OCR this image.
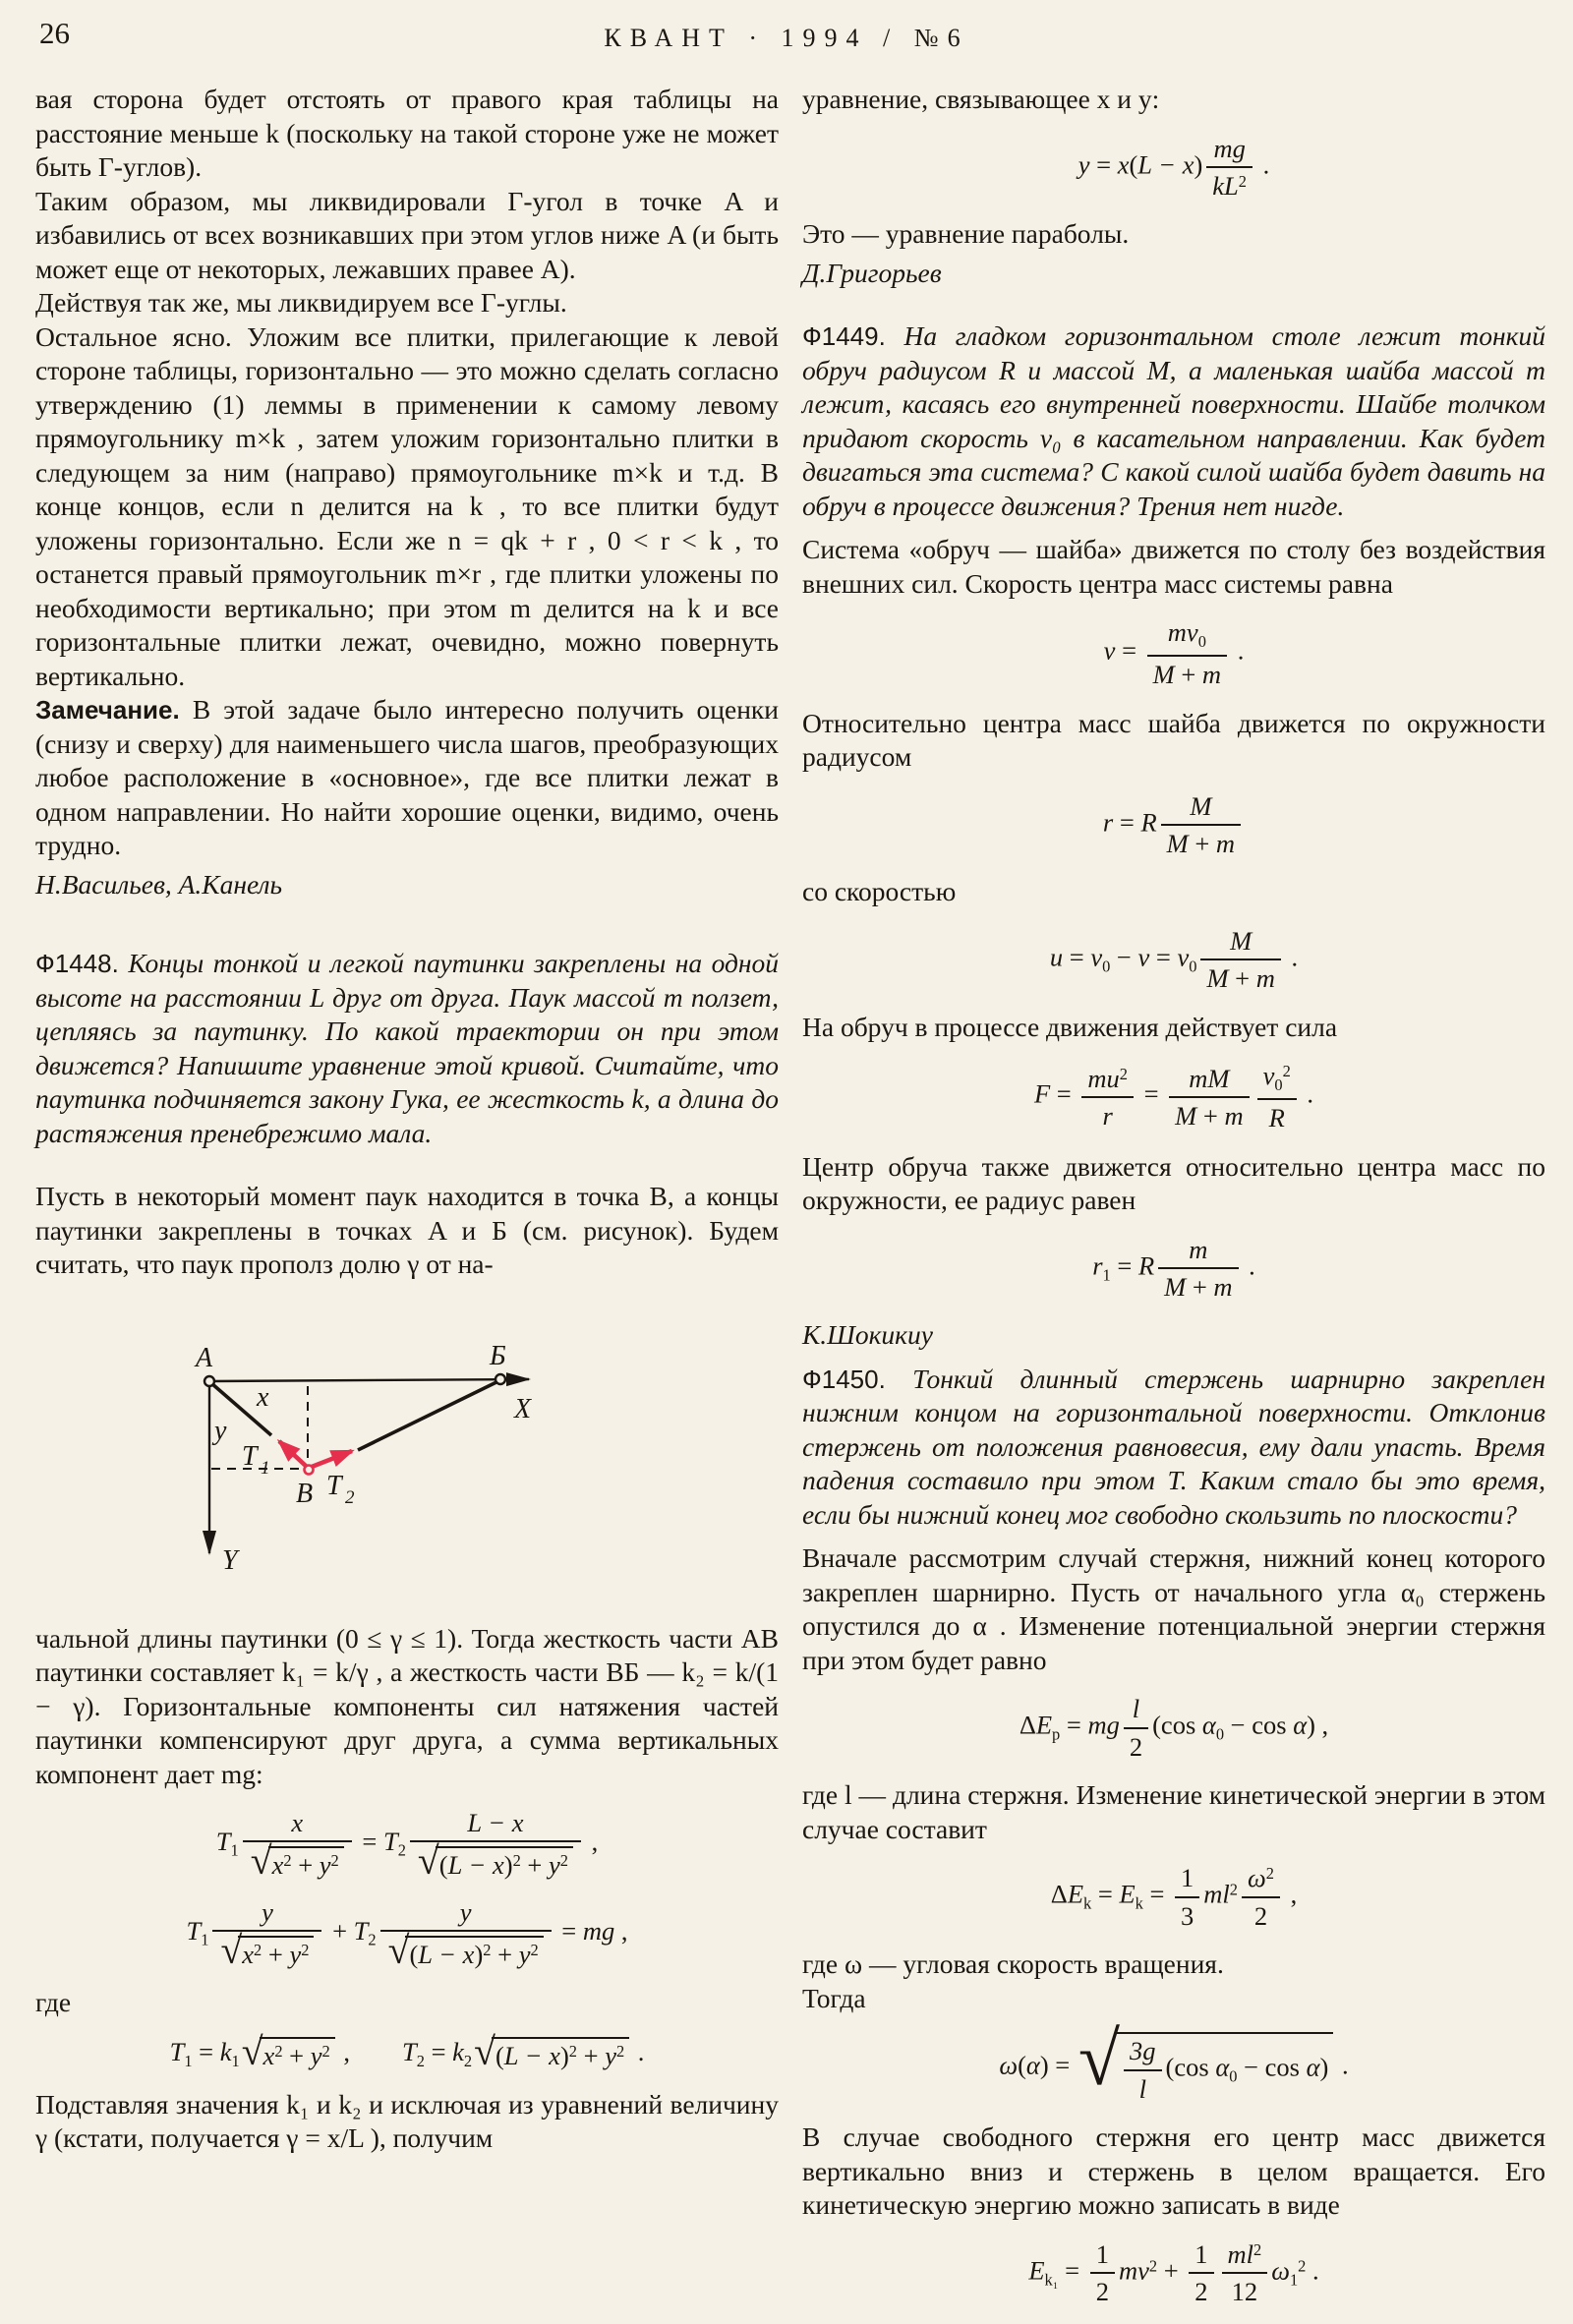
26	КВАНТ · 1994 / №6

вая сторона будет отстоять от правого края таблицы на расстояние меньше k (поскольку на такой стороне уже не может быть Г-углов).

Таким образом, мы ликвидировали Г-угол в точке A и избавились от всех возникавших при этом углов ниже A (и быть может еще от некоторых, лежавших правее A).

Действуя так же, мы ликвидируем все Г-углы.

Остальное ясно. Уложим все плитки, прилегающие к левой стороне таблицы, горизонтально — это можно сделать согласно утверждению (1) леммы в применении к самому левому прямоугольнику m×k , затем уложим горизонтально плитки в следующем за ним (направо) прямоугольнике m×k и т.д. В конце концов, если n делится на k , то все плитки будут уложены горизонтально. Если же n = qk + r , 0 < r < k , то останется правый прямоугольник m×r , где плитки уложены по необходимости вертикально; при этом m делится на k и все горизонтальные плитки лежат, очевидно, можно повернуть вертикально.

Замечание. В этой задаче было интересно получить оценки (снизу и сверху) для наименьшего числа шагов, преобразующих любое расположение в «основное», где все плитки лежат в одном направлении. Но найти хорошие оценки, видимо, очень трудно.

Н.Васильев, А.Канель

Ф1448. Концы тонкой и легкой паутинки закреплены на одной высоте на расстоянии L друг от друга. Паук массой m ползет, цепляясь за паутинку. По какой траектории он при этом движется? Напишите уравнение этой кривой. Считайте, что паутинка подчиняется закону Гука, ее жесткость k, а длина до растяжения пренебрежимо мала.

Пусть в некоторый момент паук находится в точка B, а концы паутинки закреплены в точках A и Б (см. рисунок). Будем считать, что паук прополз долю γ от на-

A	Б
X
x
y
T 1
B T 2
Y

чальной длины паутинки (0 ≤ γ ≤ 1). Тогда жесткость части AB паутинки составляет k₁ = k/γ , а жесткость части ВБ — k₂ = k/(1 − γ). Горизонтальные компоненты сил натяжения частей паутинки компенсируют друг друга, а сумма вертикальных компонент дает mg:

$T_1 \frac{x}{√ x^2 + y^2} = T_2 \frac{L - x}{√ (L - x)^2 + y^2}$ ,
$T_1 \frac{y}{√ x^2 + y^2} + T_2 \frac{y}{√ (L - x)^2 + y^2}$ = mg ,

где

$T_1 = k_1$ √ $x^2 + y^2$ ,  $T_2 = k_2$ √ $(L - x)^2 + y^2$ .

Подставляя значения k₁ и k₂ и исключая из уравнений величину γ (кстати, получается γ = x/L ), получим

уравнение, связывающее x и y:

$y = x(L - x) \frac{mg}{kL^2}$ .

Это — уравнение параболы.

Д.Григорьев

Ф1449. На гладком горизонтальном столе лежит тонкий обруч радиусом R и массой M, а маленькая шайба массой m лежит, касаясь его внутренней поверхности. Шайбе толчком придают скорость v₀ в касательном направлении. Как будет двигаться эта система? С какой силой шайба будет давить на обруч в процессе движения? Трения нет нигде.

Система «обруч — шайба» движется по столу без воздействия внешних сил. Скорость центра масс системы равна

$v = \frac{mv_0}{M + m}$ .

Относительно центра масс шайба движется по окружности радиусом

r = R $\frac{M}{M + m}$

со скоростью

$u = v_0 - v = v_0 \frac{M}{M + m}$ .

На обруч в процессе движения действует сила

$F = \frac{mu^2}{r} = \frac{mM}{M + m} \frac{v_0^2}{R}$ .

Центр обруча также движется относительно центра масс по окружности, ее радиус равен

$r_1 = R \frac{m}{M + m}$ .

К.Шокикиу

Ф1450. Тонкий длинный стержень шарнирно закреплен нижним концом на горизонтальной поверхности. Отклонив стержень от положения равновесия, ему дали упасть. Время падения составило при этом T. Каким стало бы это время, если бы нижний конец мог свободно скользить по плоскости?

Вначале рассмотрим случай стержня, нижний конец которого закреплен шарнирно. Пусть от начального угла α₀ стержень опустился до α . Изменение потенциальной энергии стержня при этом будет равно

$\Delta E_p$ = mg $\frac{l}{2} (\cos$ $\alpha_0 - \cos \alpha$) ,

где l — длина стержня. Изменение кинетической энергии в этом случае составит

$\Delta E_k = E_k = \frac{1}{3} ml^2 \frac{\omega^2}{2}$ ,

где ω — угловая скорость вращения.

Тогда

ω(α) = √ $\frac{3g}{l} (\cos$ $\alpha_0 - \cos \alpha$) .

В случае свободного стержня его центр масс движется вертикально вниз и стержень в целом вращается. Его кинетическую энергию можно записать в виде

$E_{k_1} = \frac{1}{2} mv^2 + \frac{1}{2} \frac{ml^2}{12} \omega_1^2$ .
